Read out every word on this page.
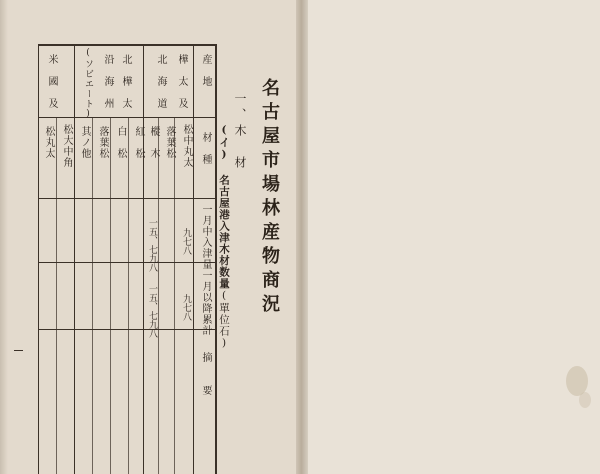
名古屋市場林産物商況
一、木　材
(イ) 名古屋港入津木材数量(單位石)
産　地
材　種
一月中入津量
一月以降累計
摘　　要
樺　太　及
北　海　道
北　樺　太
沿　海　州
(ソビエート)
米　國　及
松中丸太
落葉松
樅　木
紅　松
白　松
落葉松
其ノ他
松大中角
松丸太
九七八
一五、七九八
九七八
一五、七九八
